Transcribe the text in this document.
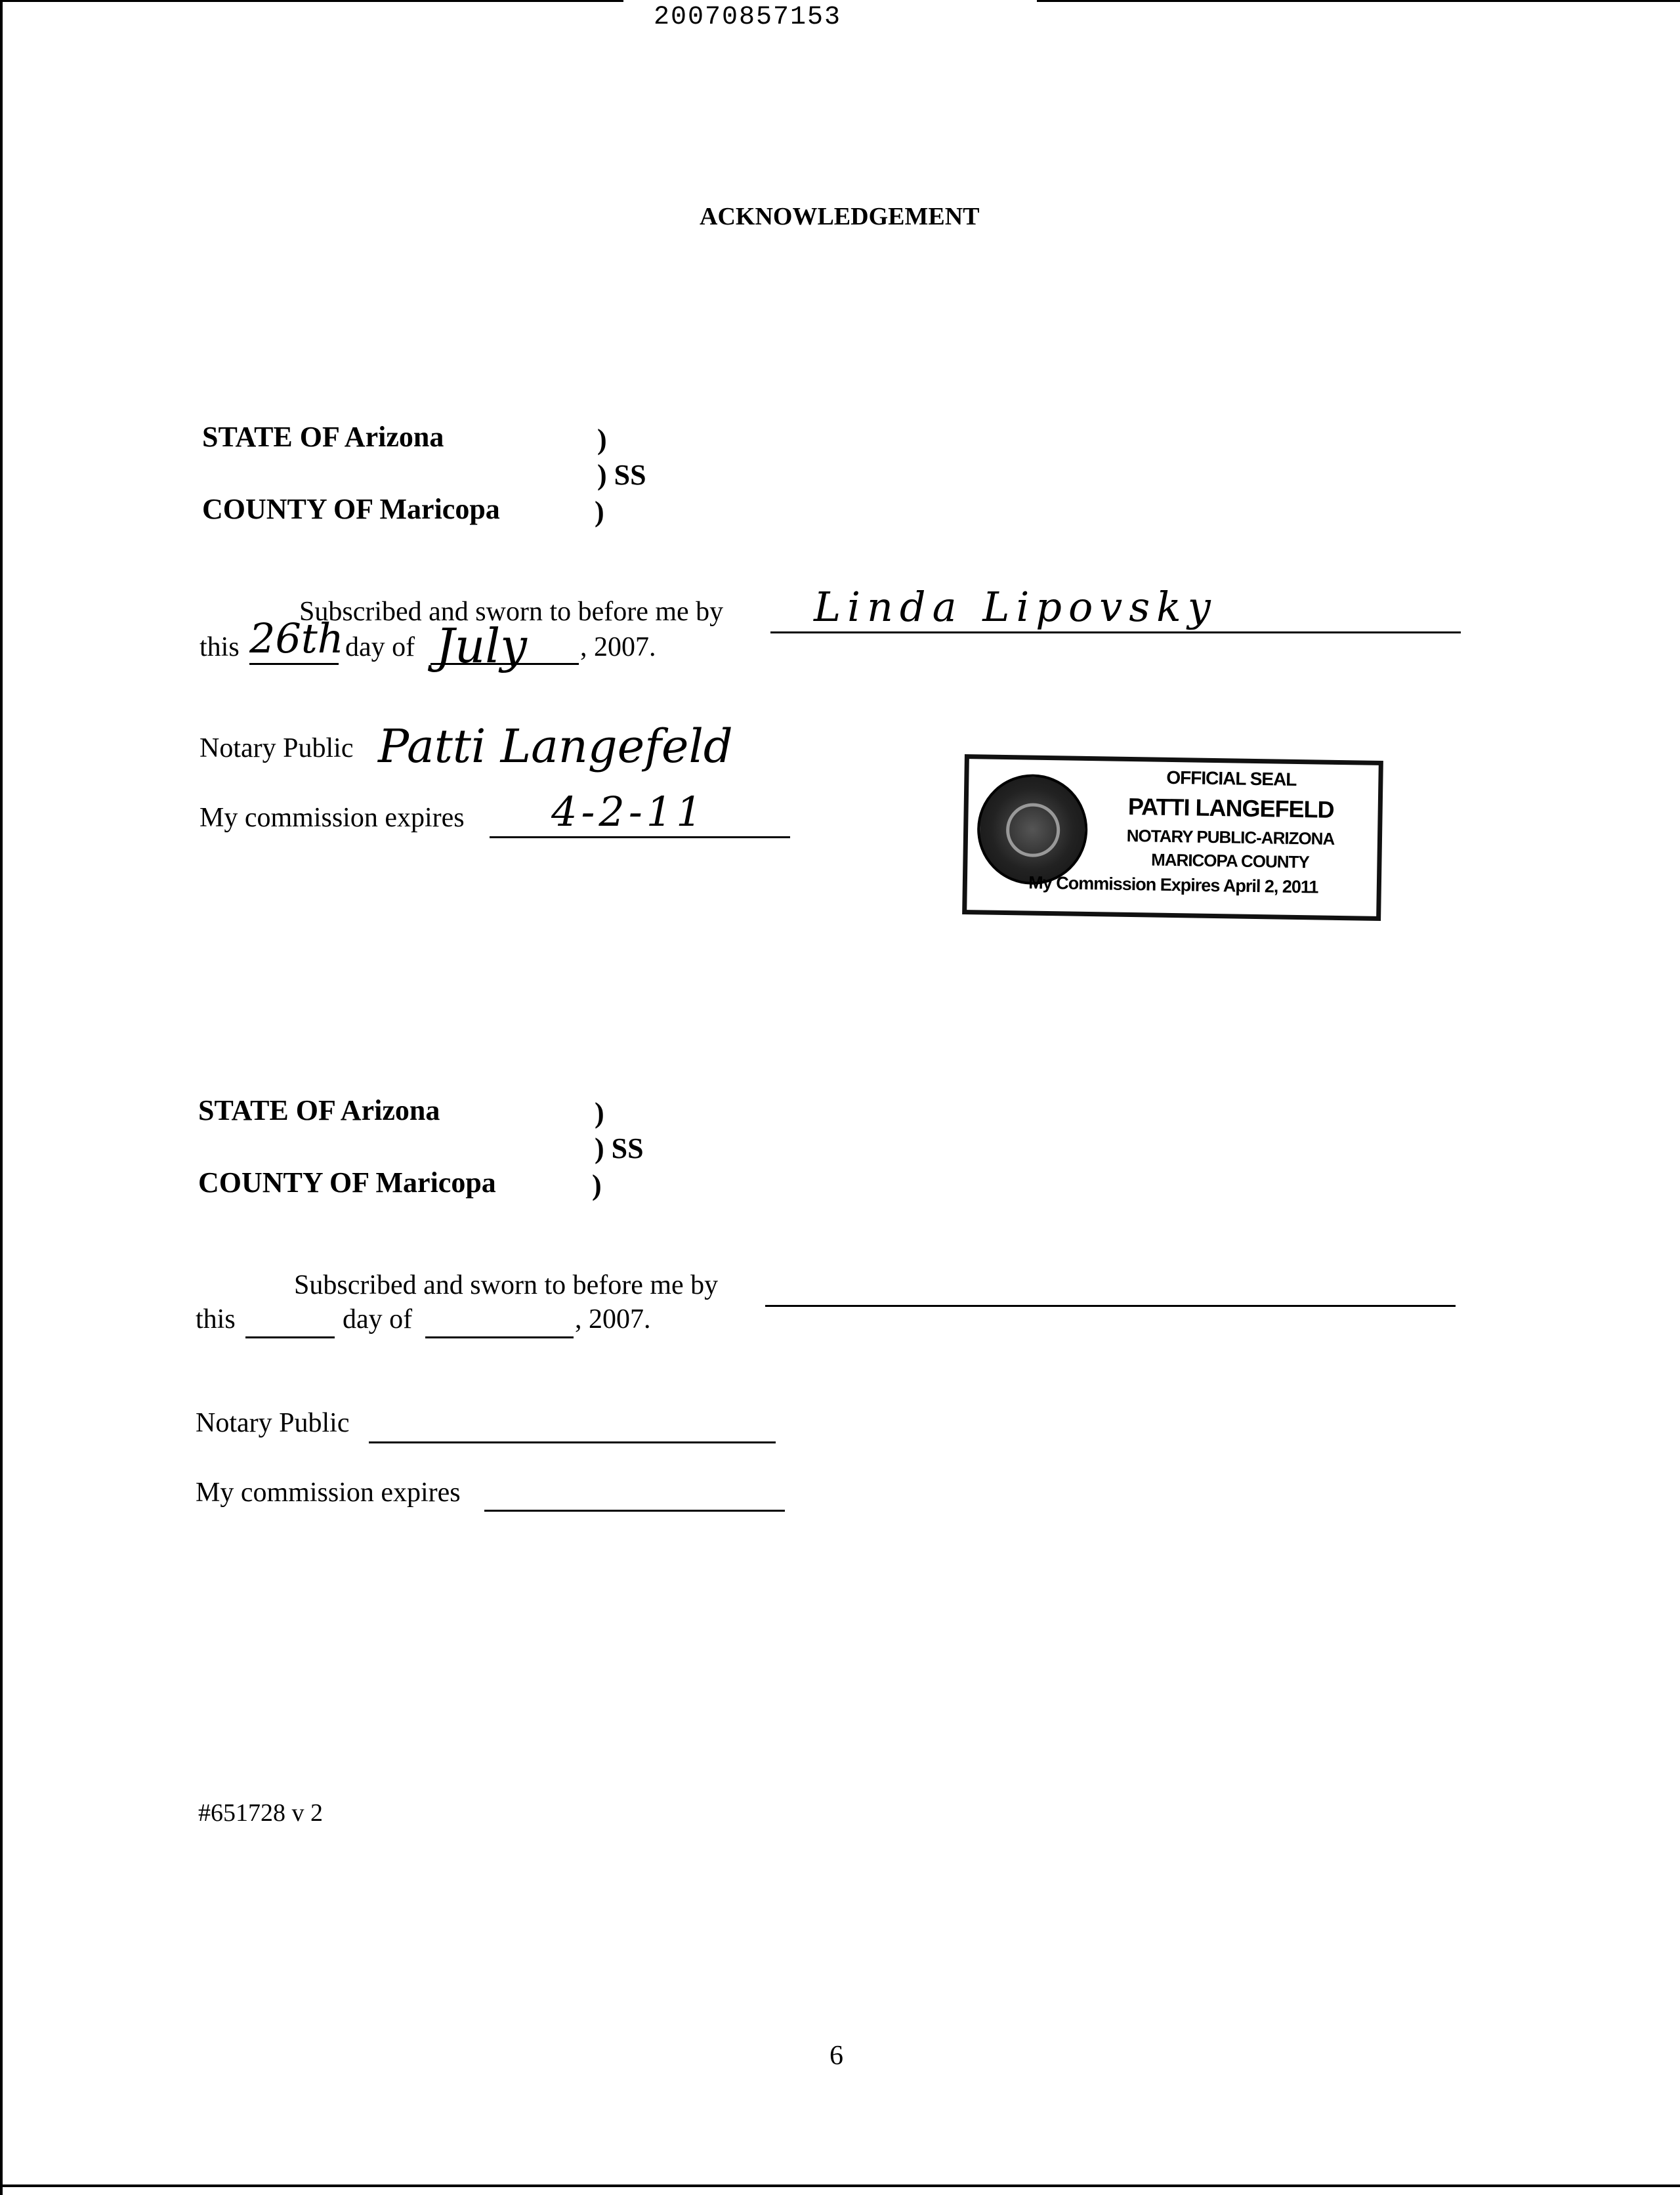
20070857153
ACKNOWLEDGEMENT
STATE OF Arizona	)
) SS
COUNTY OF Maricopa	)
Subscribed and sworn to before me by Linda Lipovsky
this 26th day of July , 2007.
Notary Public Patti Langefeld
My commission expires 4-2-11
OFFICIAL SEAL
PATTI LANGEFELD
NOTARY PUBLIC-ARIZONA
MARICOPA COUNTY
My Commission Expires April 2, 2011
STATE OF Arizona	)
) SS
COUNTY OF Maricopa	)
Subscribed and sworn to before me by
this	day of	, 2007.
Notary Public
My commission expires
#651728 v 2
6
